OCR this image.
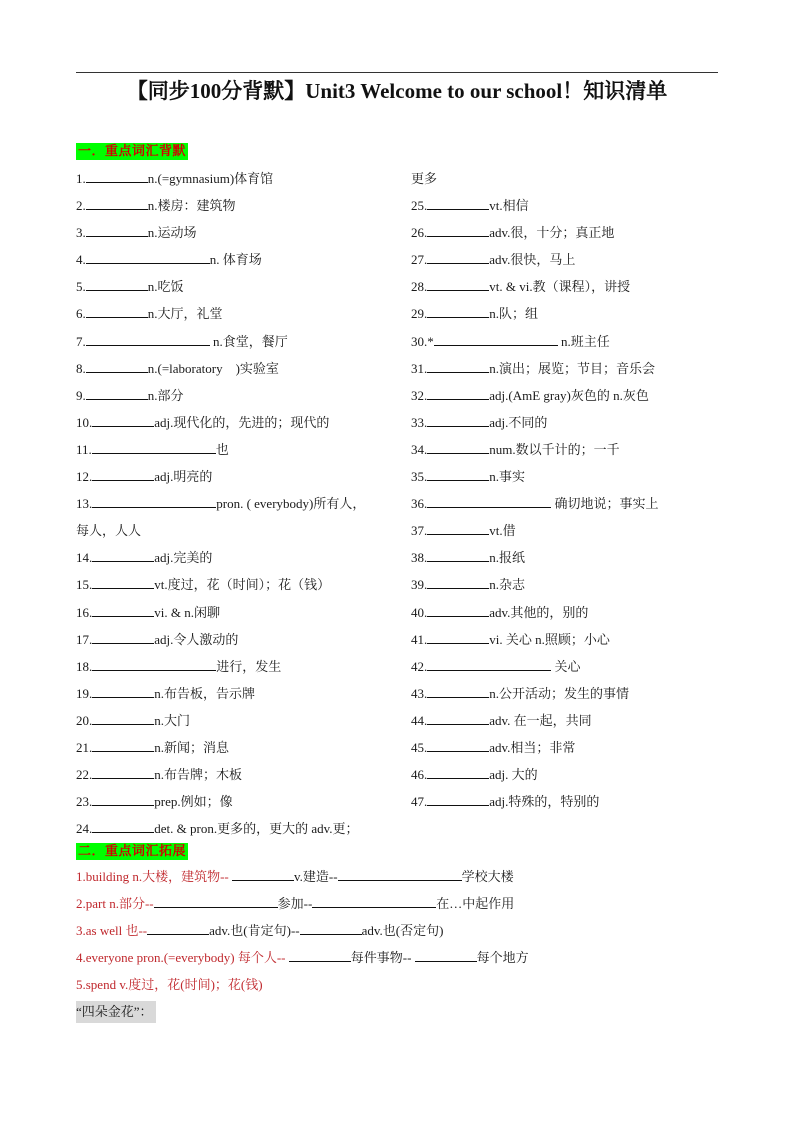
【同步100分背默】Unit3 Welcome to our school！知识清单
一．重点词汇背默
1.	n.(=gymnasium)体育馆
2.	n.楼房：建筑物
3.	n.运动场
4.	n. 体育场
5.	n.吃饭
6.	n.大厅，礼堂
7.	n.食堂，餐厅
8.	n.(=laboratory　)实验室
9.	n.部分
10.	adj.现代化的，先进的；现代的
11.	也
12.	adj.明亮的
13.	pron. ( everybody)所有人，
每人，人人
14.	adj.完美的
15.	vt.度过，花（时间）；花（钱）
16.	vi. & n.闲聊
17.	adj.令人激动的
18.	进行，发生
19.	n.布告板，告示牌
20.	n.大门
21.	n.新闻；消息
22.	n.布告牌；木板
23.	prep.例如；像
24.	det. & pron.更多的，更大的 adv.更；
更多
25.	vt.相信
26.	adv.很，十分；真正地
27.	adv.很快，马上
28.	vt. & vi.教（课程），讲授
29.	n.队；组
30.*	n.班主任
31.	n.演出；展览；节目；音乐会
32.	adj.(AmE gray)灰色的 n.灰色
33.	adj.不同的
34.	num.数以千计的；一千
35.	n.事实
36.	确切地说；事实上
37.	vt.借
38.	n.报纸
39.	n.杂志
40.	adv.其他的，别的
41.	vi. 关心 n.照顾；小心
42.	关心
43.	n.公开活动；发生的事情
44.	adv. 在一起，共同
45.	adv.相当；非常
46.	adj. 大的
47.	adj.特殊的，特别的
二．重点词汇拓展
1.building n.大楼，建筑物--	v.建造--	学校大楼
2.part n.部分--	参加--	在…中起作用
3.as well 也--	adv.也(肯定句)--	adv.也(否定句)
4.everyone pron.(=everybody) 每个人--	每件事物--	每个地方
5.spend v.度过，花(时间)；花(钱)
“四朵金花”：
